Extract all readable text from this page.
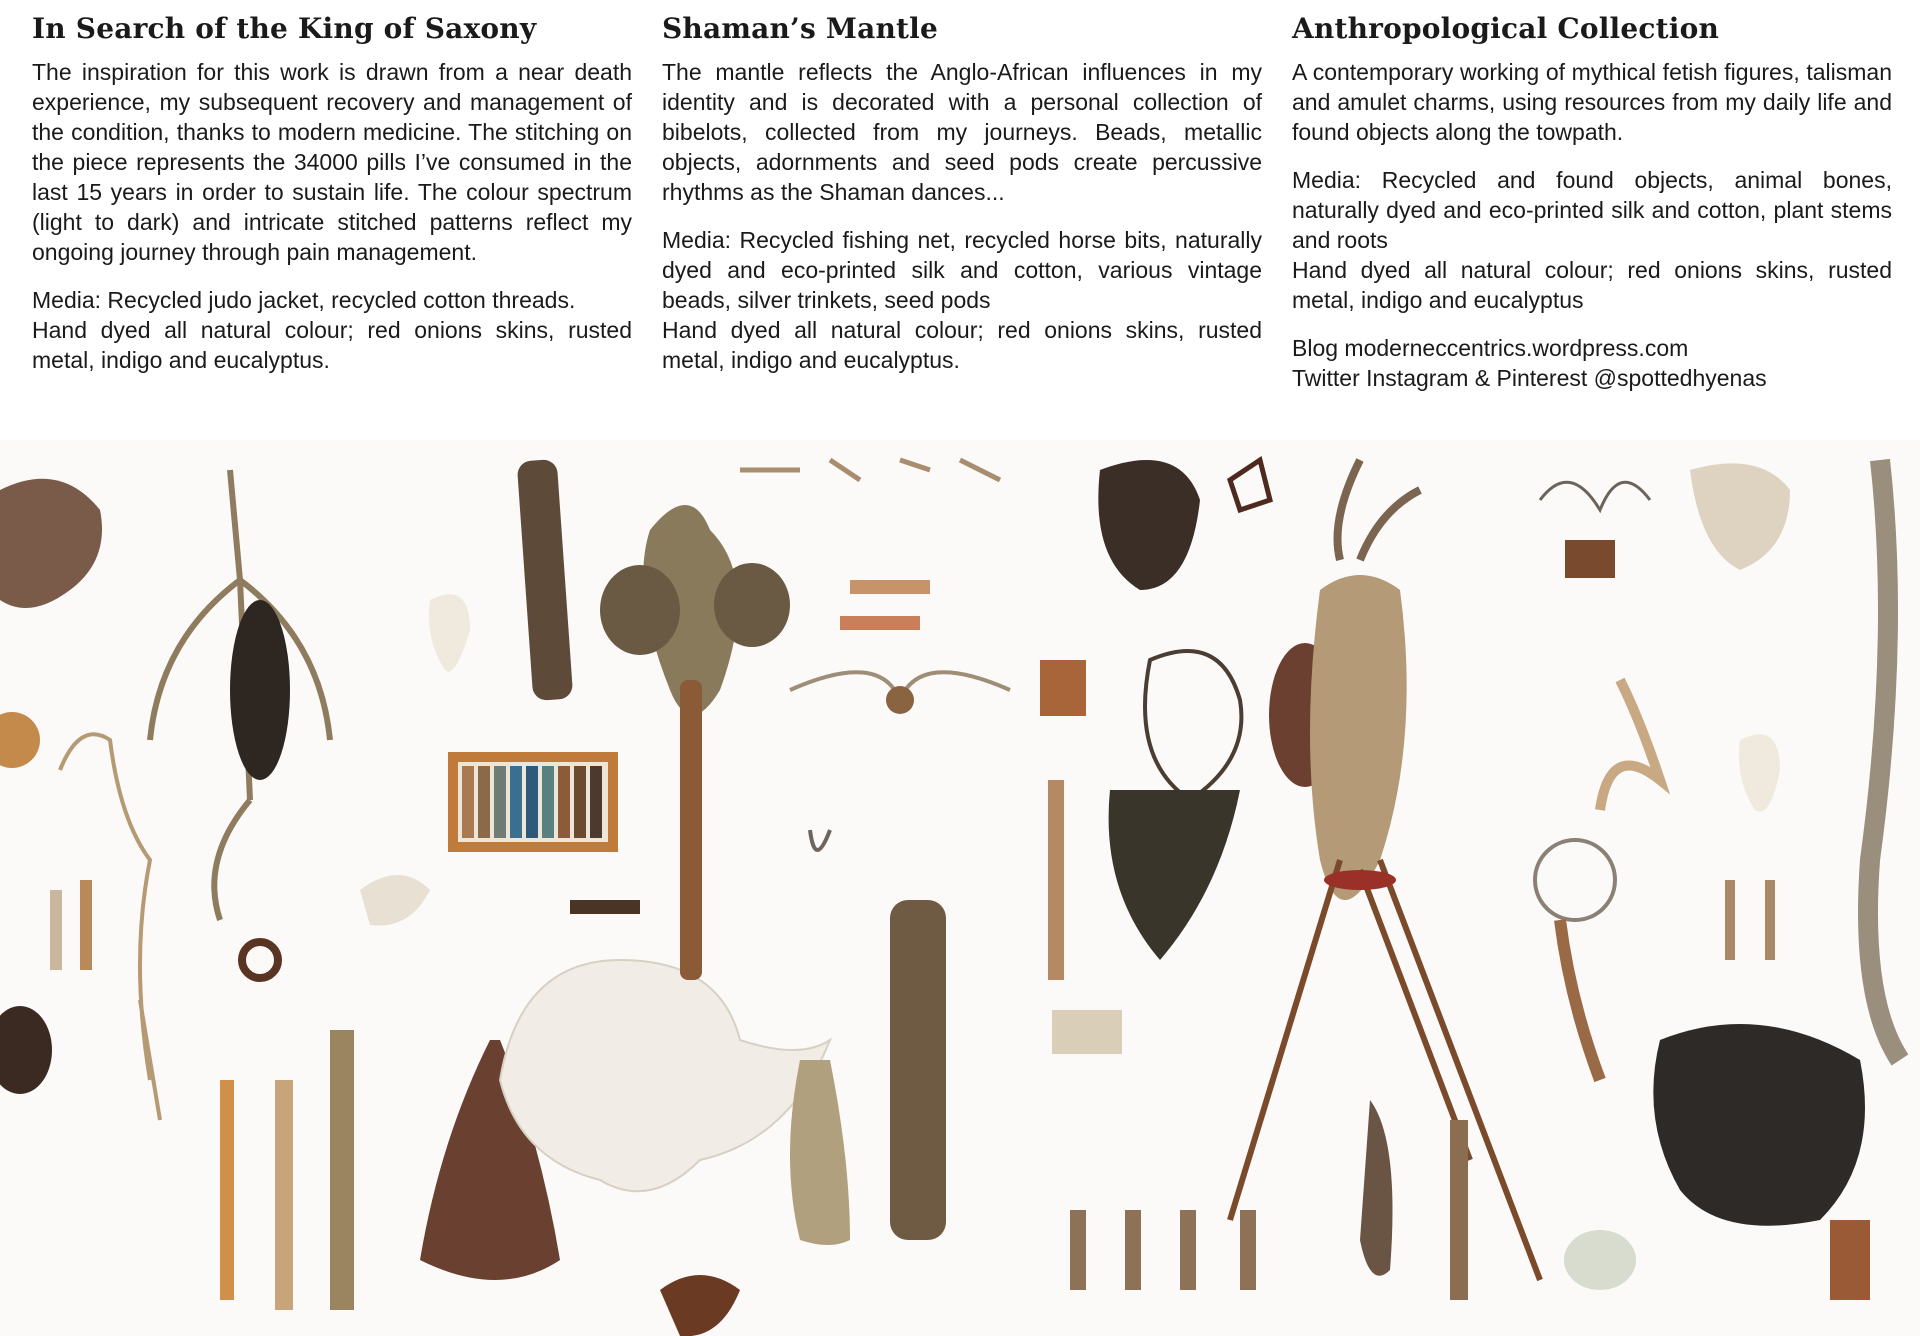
In Search of the King of Saxony

The inspiration for this work is drawn from a near death experience, my subsequent recovery and management of the condition, thanks to modern medicine. The stitching on the piece represents the 34000 pills I’ve consumed in the last 15 years in order to sustain life. The colour spectrum (light to dark) and intricate stitched patterns reflect my ongoing journey through pain management.

Media: Recycled judo jacket, recycled cotton threads.

Hand dyed all natural colour; red onions skins, rusted metal, indigo and eucalyptus.

Shaman’s Mantle

The mantle reflects the Anglo-African influences in my identity and is decorated with a personal collection of bibelots, collected from my journeys. Beads, metallic objects, adornments and seed pods create percussive rhythms as the Shaman dances...

Media: Recycled fishing net, recycled horse bits, naturally dyed and eco-printed silk and cotton, various vintage beads, silver trinkets, seed pods

Hand dyed all natural colour; red onions skins, rusted metal, indigo and eucalyptus.

Anthropological Collection

A contemporary working of mythical fetish figures, talisman and amulet charms, using resources from my daily life and found objects along the towpath.

Media: Recycled and found objects, animal bones, naturally dyed and eco-printed silk and cotton, plant stems and roots

Hand dyed all natural colour; red onions skins, rusted metal, indigo and eucalyptus

Blog moderneccentrics.wordpress.com

Twitter Instagram & Pinterest @spottedhyenas
